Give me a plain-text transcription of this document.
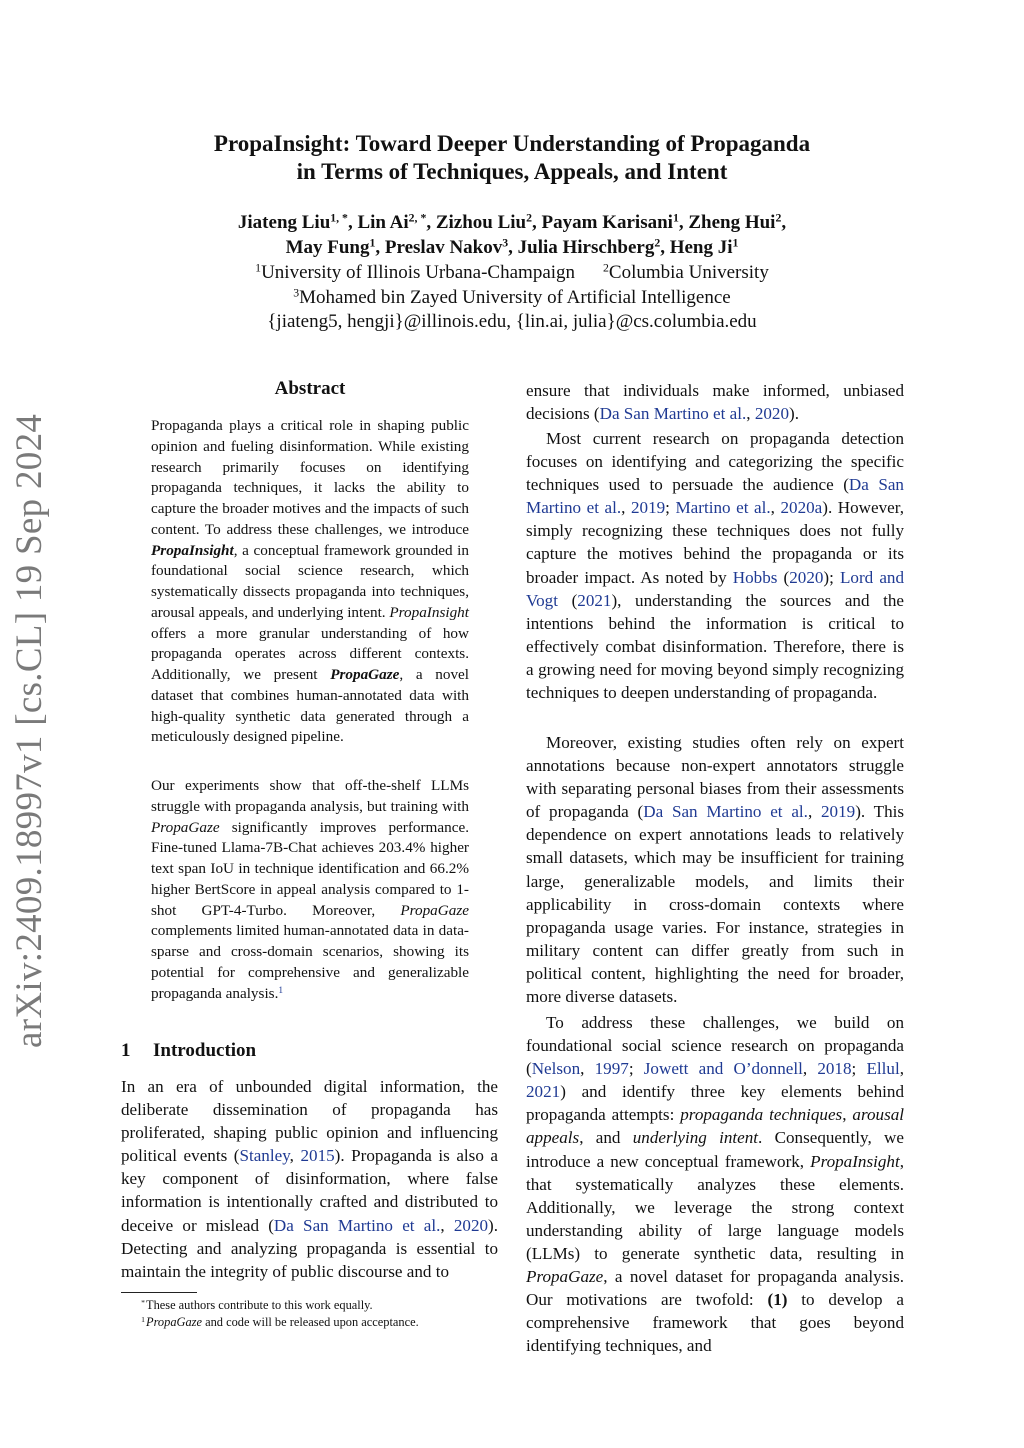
arXiv:2409.18997v1 [cs.CL] 19 Sep 2024
PropaInsight: Toward Deeper Understanding of Propaganda
in Terms of Techniques, Appeals, and Intent
Jiateng Liu$^{1, *}$, Lin $Ai^{2, *}$, Zizhou Liu$^2$, Payam Karisani$^1$, Zheng Hui$^2$,
May Fung$^1$, Preslav Nakov$^3$, Julia Hirschberg$^2$, Heng Ji$^1$
$^1$University of Illinois Urbana-Champaign $^2$Columbia University
$^3$Mohamed bin Zayed University of Artificial Intelligence
{jiateng5, hengji}@illinois.edu, {lin.ai, julia}@cs.columbia.edu
Abstract

Propaganda plays a critical role in shaping public opinion and fueling disinformation. While existing research primarily focuses on identifying propaganda techniques, it lacks the ability to capture the broader motives and the impacts of such content. To address these challenges, we introduce PropaInsight, a conceptual framework grounded in foundational social science research, which systematically dissects propaganda into techniques, arousal appeals, and underlying intent. PropaInsight offers a more granular understanding of how propaganda operates across different contexts. Additionally, we present PropaGaze, a novel dataset that combines human-annotated data with high-quality synthetic data generated through a meticulously designed pipeline.

Our experiments show that off-the-shelf LLMs struggle with propaganda analysis, but training with PropaGaze significantly improves performance. Fine-tuned Llama-7B-Chat achieves 203.4% higher text span IoU in technique identification and 66.2% higher BertScore in appeal analysis compared to 1-shot GPT-4-Turbo. Moreover, PropaGaze complements limited human-annotated data in data-sparse and cross-domain scenarios, showing its potential for comprehensive and generalizable propaganda analysis.$^1$

1 Introduction

In an era of unbounded digital information, the deliberate dissemination of propaganda has proliferated, shaping public opinion and influencing political events (Stanley, 2015). Propaganda is also a key component of disinformation, where false information is intentionally crafted and distributed to deceive or mislead (Da San Martino et al., 2020). Detecting and analyzing propaganda is essential to maintain the integrity of public discourse and to

*These authors contribute to this work equally.
$^1$PropaGaze and code will be released upon acceptance.

ensure that individuals make informed, unbiased decisions (Da San Martino et al., 2020).

Most current research on propaganda detection focuses on identifying and categorizing the specific techniques used to persuade the audience (Da San Martino et al., 2019; Martino et al., 2020a). However, simply recognizing these techniques does not fully capture the motives behind the propaganda or its broader impact. As noted by Hobbs (2020); Lord and Vogt (2021), understanding the sources and the intentions behind the information is critical to effectively combat disinformation. Therefore, there is a growing need for moving beyond simply recognizing techniques to deepen understanding of propaganda.

Moreover, existing studies often rely on expert annotations because non-expert annotators struggle with separating personal biases from their assessments of propaganda (Da San Martino et al., 2019). This dependence on expert annotations leads to relatively small datasets, which may be insufficient for training large, generalizable models, and limits their applicability in cross-domain contexts where propaganda usage varies. For instance, strategies in military content can differ greatly from such in political content, highlighting the need for broader, more diverse datasets.

To address these challenges, we build on foundational social science research on propaganda (Nelson, 1997; Jowett and O’donnell, 2018; Ellul, 2021) and identify three key elements behind propaganda attempts: propaganda techniques, arousal appeals, and underlying intent. Consequently, we introduce a new conceptual framework, PropaInsight, that systematically analyzes these elements. Additionally, we leverage the strong context understanding ability of large language models (LLMs) to generate synthetic data, resulting in PropaGaze, a novel dataset for propaganda analysis. Our motivations are twofold: (1) to develop a comprehensive framework that goes beyond identifying techniques, and
